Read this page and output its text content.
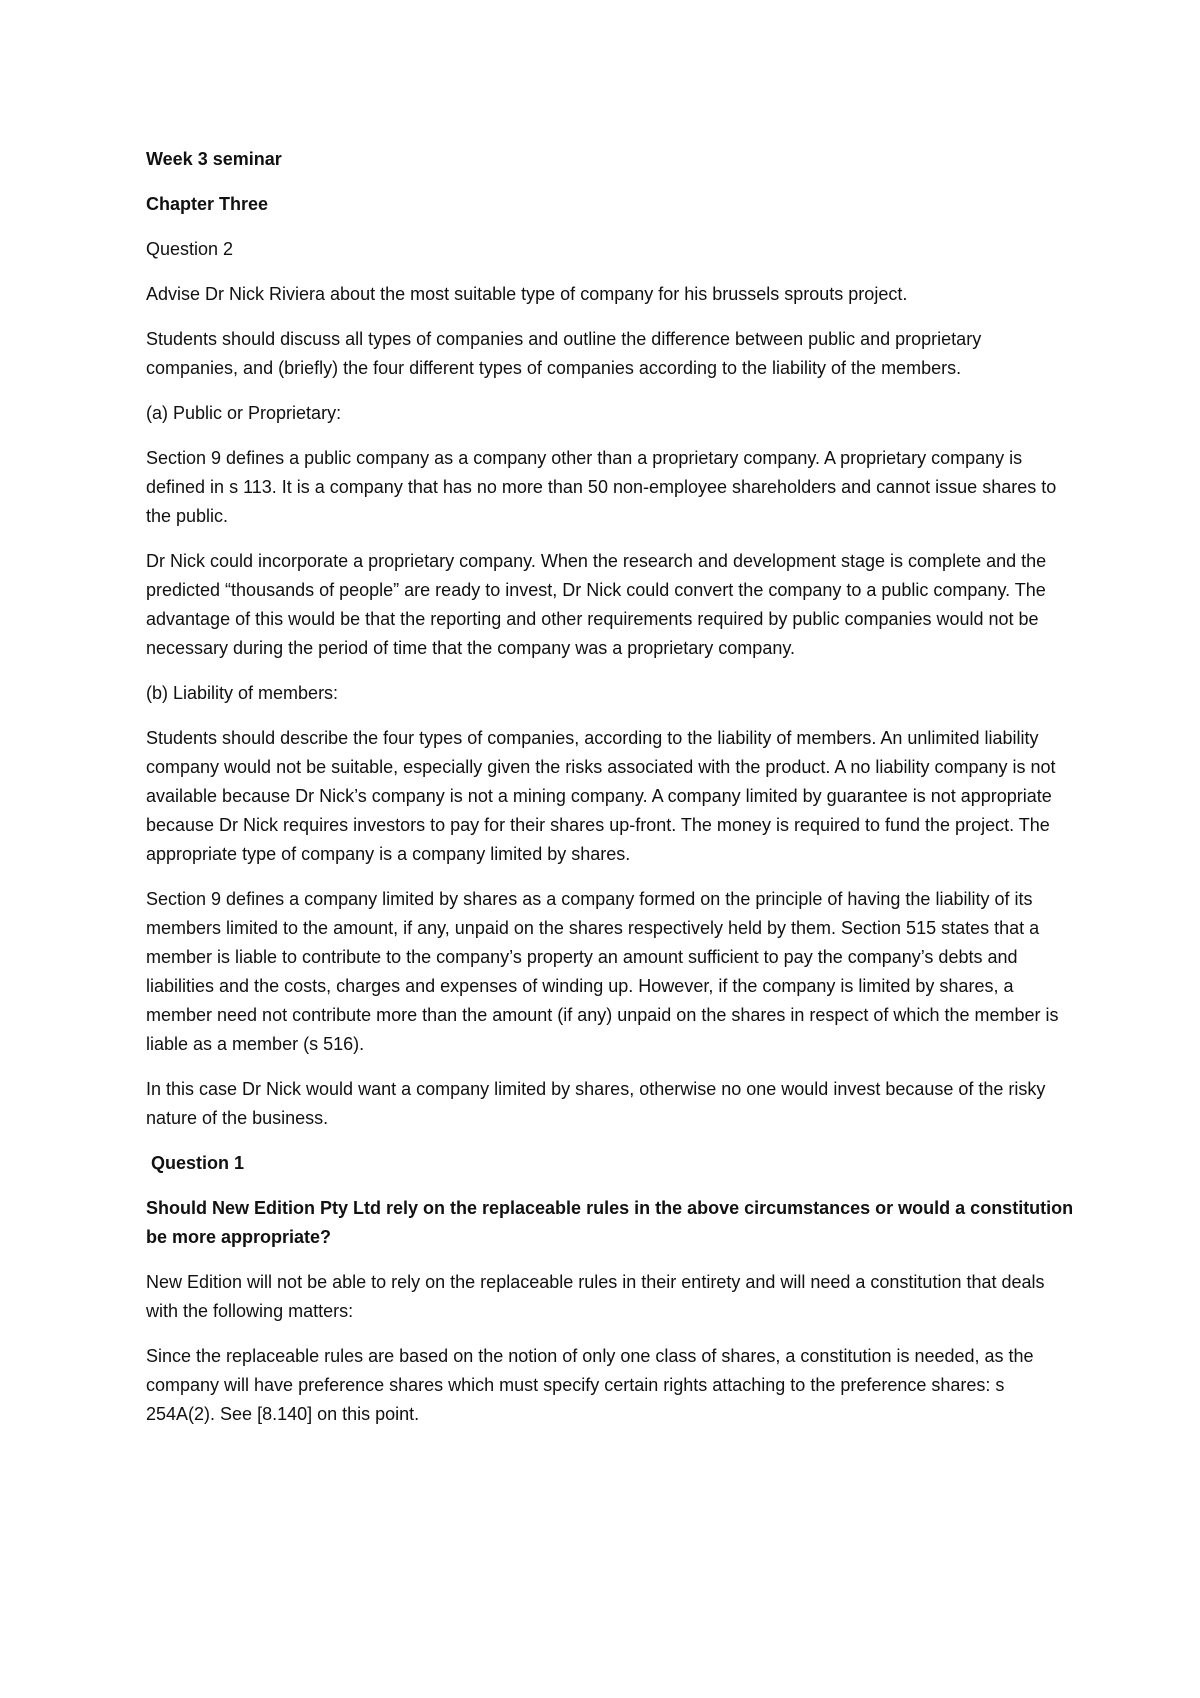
Week 3 seminar

Chapter Three

Question 2

Advise Dr Nick Riviera about the most suitable type of company for his brussels sprouts project.

Students should discuss all types of companies and outline the difference between public and proprietary companies, and (briefly) the four different types of companies according to the liability of the members.

(a) Public or Proprietary:

Section 9 defines a public company as a company other than a proprietary company. A proprietary company is defined in s 113. It is a company that has no more than 50 non-employee shareholders and cannot issue shares to the public.

Dr Nick could incorporate a proprietary company. When the research and development stage is complete and the predicted “thousands of people” are ready to invest, Dr Nick could convert the company to a public company. The advantage of this would be that the reporting and other requirements required by public companies would not be necessary during the period of time that the company was a proprietary company.

(b) Liability of members:

Students should describe the four types of companies, according to the liability of members. An unlimited liability company would not be suitable, especially given the risks associated with the product. A no liability company is not available because Dr Nick’s company is not a mining company. A company limited by guarantee is not appropriate because Dr Nick requires investors to pay for their shares up-front. The money is required to fund the project. The appropriate type of company is a company limited by shares.

Section 9 defines a company limited by shares as a company formed on the principle of having the liability of its members limited to the amount, if any, unpaid on the shares respectively held by them. Section 515 states that a member is liable to contribute to the company’s property an amount sufficient to pay the company’s debts and liabilities and the costs, charges and expenses of winding up. However, if the company is limited by shares, a member need not contribute more than the amount (if any) unpaid on the shares in respect of which the member is liable as a member (s 516).

In this case Dr Nick would want a company limited by shares, otherwise no one would invest because of the risky nature of the business.

Question 1

Should New Edition Pty Ltd rely on the replaceable rules in the above circumstances or would a constitution be more appropriate?

New Edition will not be able to rely on the replaceable rules in their entirety and will need a constitution that deals with the following matters:

Since the replaceable rules are based on the notion of only one class of shares, a constitution is needed, as the company will have preference shares which must specify certain rights attaching to the preference shares: s 254A(2). See [8.140] on this point.
